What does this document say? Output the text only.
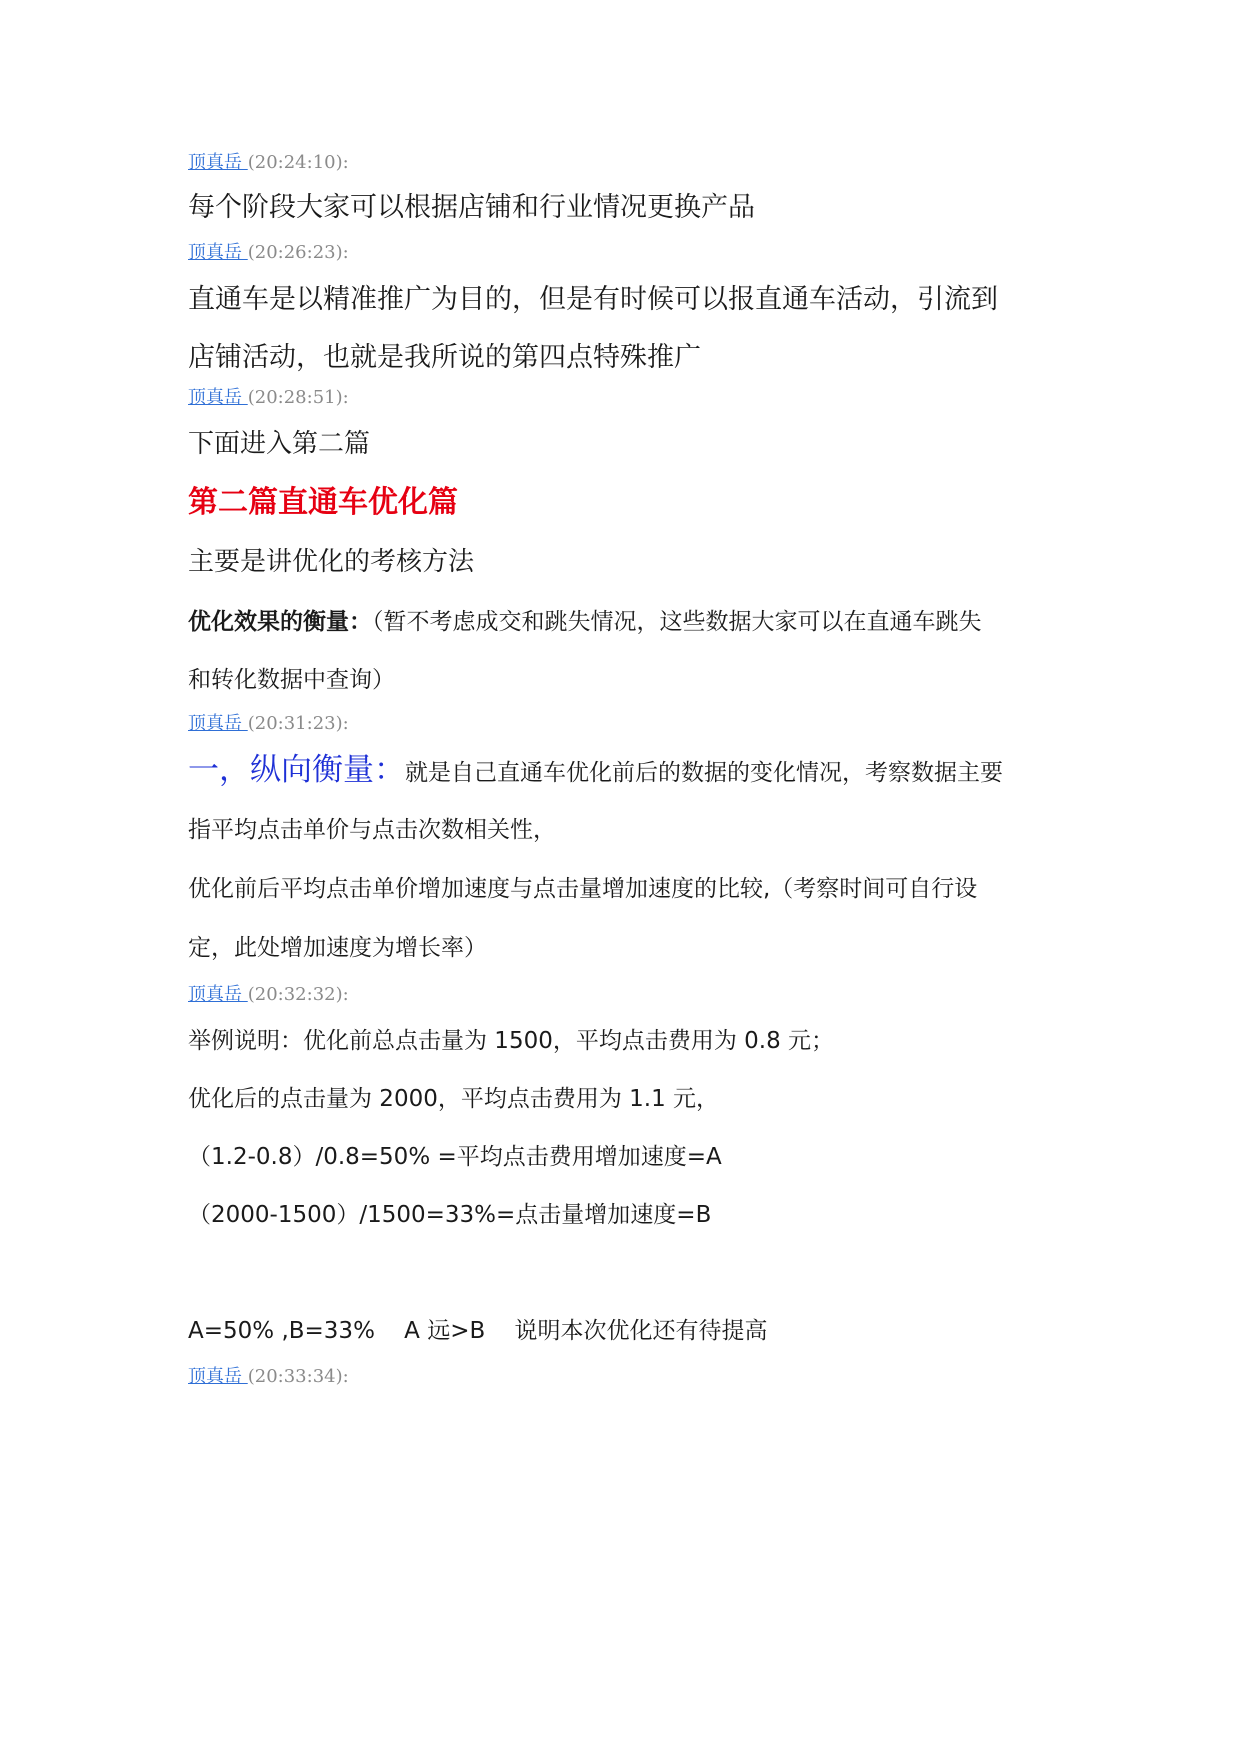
顶真岳 (20:24:10):

每个阶段大家可以根据店铺和行业情况更换产品

顶真岳 (20:26:23):

直通车是以精准推广为目的，但是有时候可以报直通车活动，引流到

店铺活动，也就是我所说的第四点特殊推广

顶真岳 (20:28:51):

下面进入第二篇

第二篇直通车优化篇

主要是讲优化的考核方法

优化效果的衡量：（暂不考虑成交和跳失情况，这些数据大家可以在直通车跳失

和转化数据中查询）

顶真岳 (20:31:23):

一，纵向衡量：就是自己直通车优化前后的数据的变化情况，考察数据主要

指平均点击单价与点击次数相关性，

优化前后平均点击单价增加速度与点击量增加速度的比较,（考察时间可自行设

定，此处增加速度为增长率）

顶真岳 (20:32:32):

举例说明：优化前总点击量为 1500，平均点击费用为 0.8 元；

优化后的点击量为 2000，平均点击费用为 1.1 元，

（1.2-0.8）/0.8=50% =平均点击费用增加速度=A

（2000-1500）/1500=33%=点击量增加速度=B

A=50% ,B=33%    A 远>B    说明本次优化还有待提高

顶真岳 (20:33:34):
